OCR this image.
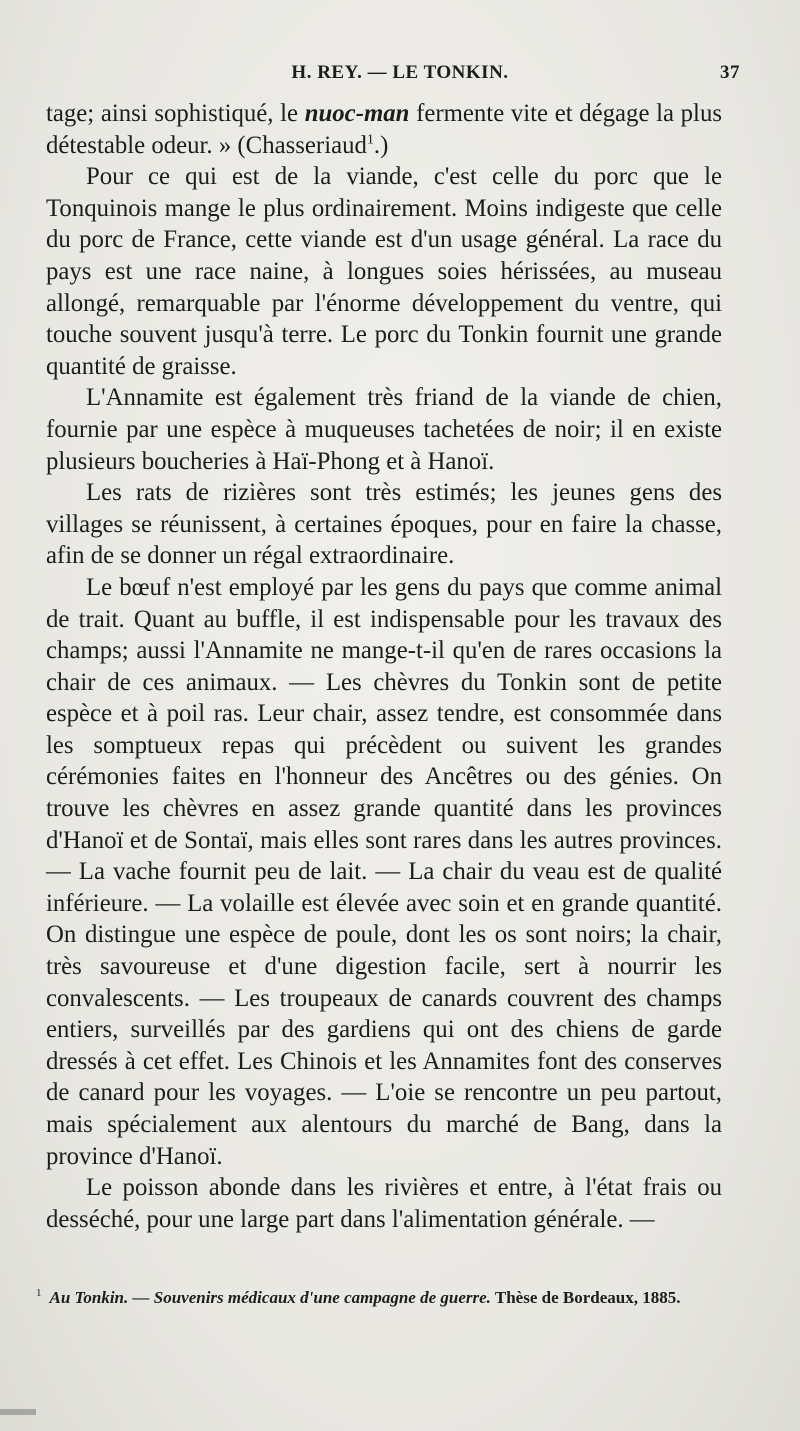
H. REY. — LE TONKIN.	37

tage; ainsi sophistiqué, le nuoc-man fermente vite et dégage la plus détestable odeur. » (Chasseriaud$^1$.)

Pour ce qui est de la viande, c'est celle du porc que le Tonquinois mange le plus ordinairement. Moins indigeste que celle du porc de France, cette viande est d'un usage général. La race du pays est une race naine, à longues soies hérissées, au museau allongé, remarquable par l'énorme développement du ventre, qui touche souvent jusqu'à terre. Le porc du Tonkin fournit une grande quantité de graisse.

L'Annamite est également très friand de la viande de chien, fournie par une espèce à muqueuses tachetées de noir; il en existe plusieurs boucheries à Haï-Phong et à Hanoï.

Les rats de rizières sont très estimés; les jeunes gens des villages se réunissent, à certaines époques, pour en faire la chasse, afin de se donner un régal extraordinaire.

Le bœuf n'est employé par les gens du pays que comme animal de trait. Quant au buffle, il est indispensable pour les travaux des champs; aussi l'Annamite ne mange-t-il qu'en de rares occasions la chair de ces animaux. — Les chèvres du Tonkin sont de petite espèce et à poil ras. Leur chair, assez tendre, est consommée dans les somptueux repas qui précèdent ou suivent les grandes cérémonies faites en l'honneur des Ancêtres ou des génies. On trouve les chèvres en assez grande quantité dans les provinces d'Hanoï et de Sontaï, mais elles sont rares dans les autres provinces. — La vache fournit peu de lait. — La chair du veau est de qualité inférieure. — La volaille est élevée avec soin et en grande quantité. On distingue une espèce de poule, dont les os sont noirs; la chair, très savoureuse et d'une digestion facile, sert à nourrir les convalescents. — Les troupeaux de canards couvrent des champs entiers, surveillés par des gardiens qui ont des chiens de garde dressés à cet effet. Les Chinois et les Annamites font des conserves de canard pour les voyages. — L'oie se rencontre un peu partout, mais spécialement aux alentours du marché de Bang, dans la province d'Hanoï.

Le poisson abonde dans les rivières et entre, à l'état frais ou desséché, pour une large part dans l'alimentation générale. —

$^1$ Au Tonkin. — Souvenirs médicaux d'une campagne de guerre. Thèse de Bordeaux, 1885.
